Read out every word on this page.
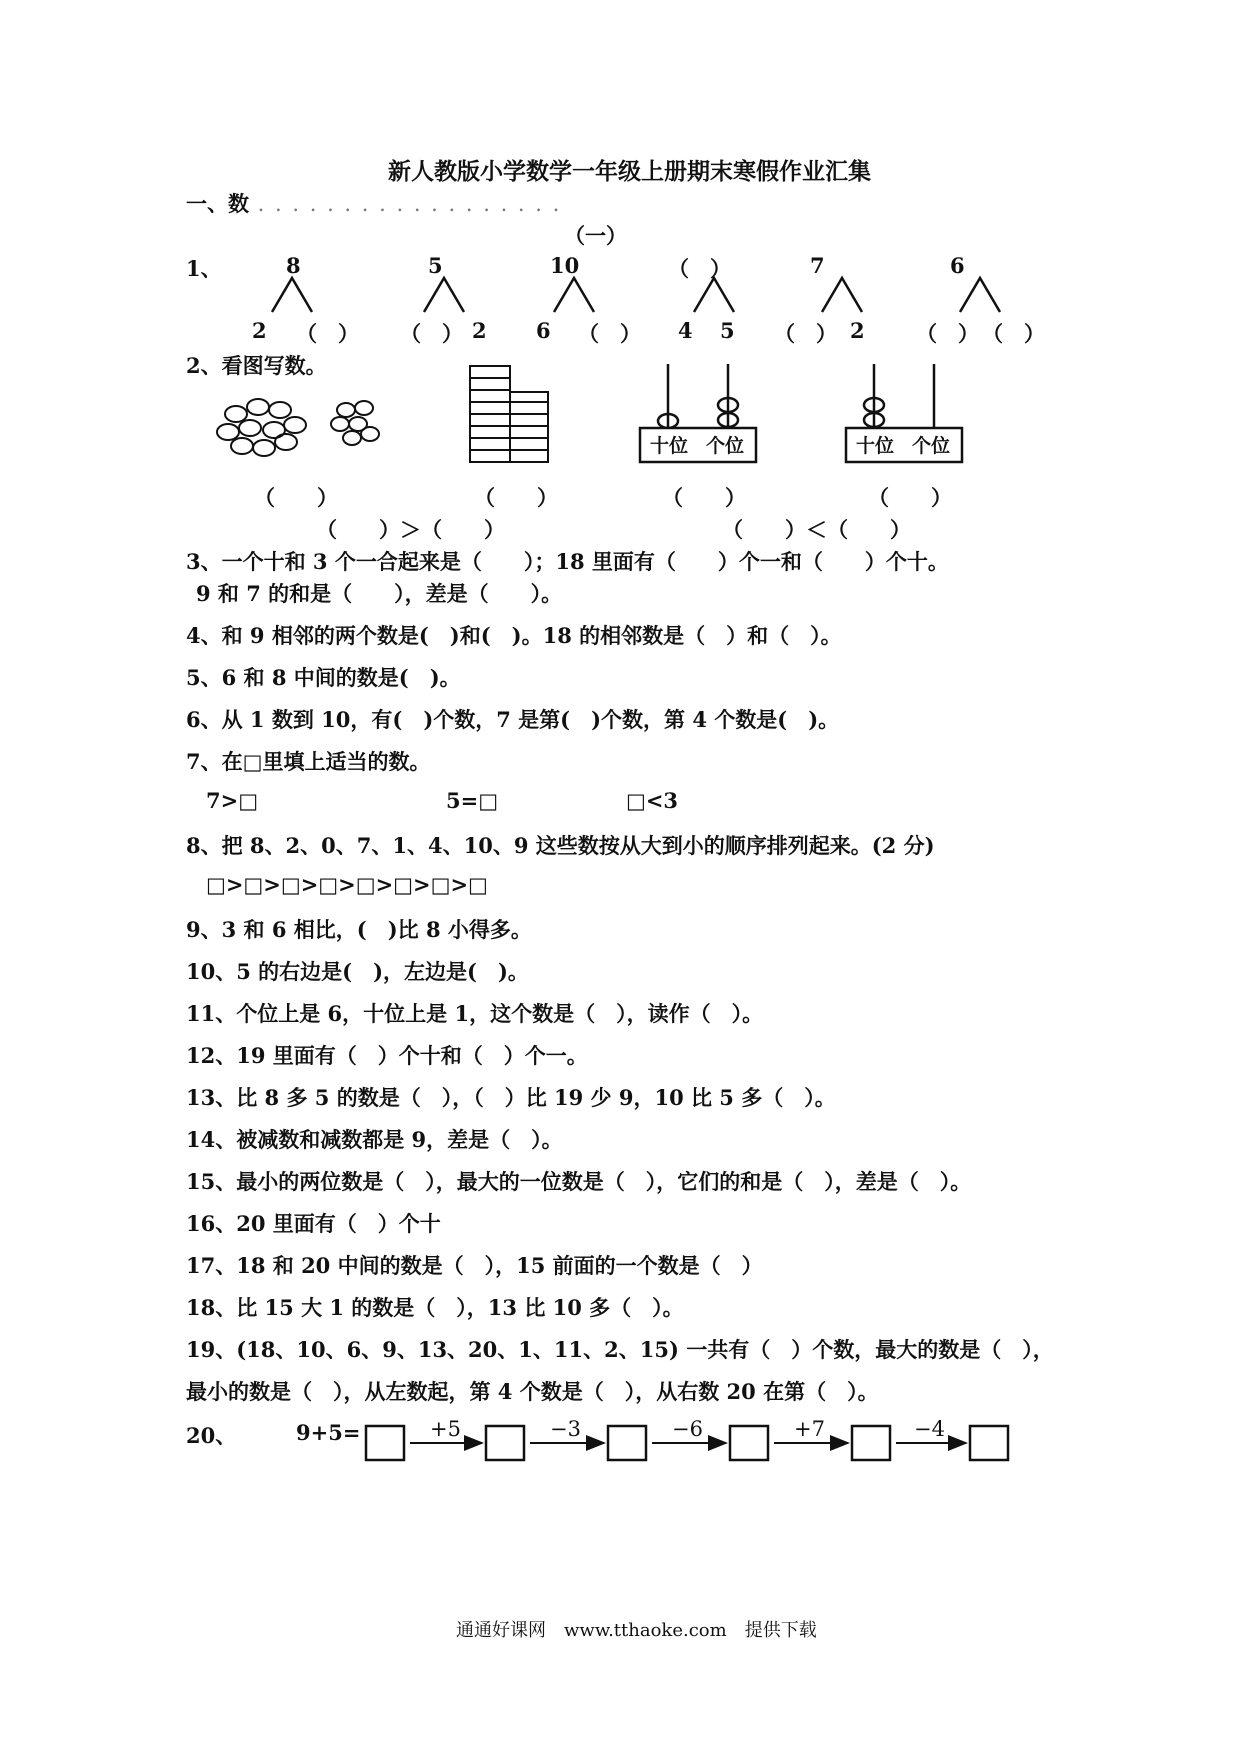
新人教版小学数学一年级上册期末寒假作业汇集
一、数 . . . . . . . . . . . . . . . . . .
（一）
1、	8	5	10	（　）	7	6
2 （　） （　） 2 6 （　） 4 5 （　） 2 （　） （　）
2、看图写数。
十位 个位	十位 个位
（　　）	（　　）	（　　）	（　　）
（　　）＞（　　）	（　　）＜（　　）
3、一个十和 3 个一合起来是（　　）；18 里面有（　　）个一和（　　）个十。
9 和 7 的和是（　　），差是（　　）。
4、和 9 相邻的两个数是(　)和(　)。18 的相邻数是（　）和（　）。
5、6 和 8 中间的数是(　)。
6、从 1 数到 10，有(　)个数，7 是第(　)个数，第 4 个数是(　)。
7、在□里填上适当的数。
7>□	5=□	□<3
8、把 8、2、0、7、1、4、10、9 这些数按从大到小的顺序排列起来。(2 分)
□>□>□>□>□>□>□>□
9、3 和 6 相比，(　)比 8 小得多。
10、5 的右边是(　)，左边是(　)。
11、个位上是 6，十位上是 1，这个数是（　），读作（　）。
12、19 里面有（　）个十和（　）个一。
13、比 8 多 5 的数是（　），（　）比 19 少 9，10 比 5 多（　）。
14、被减数和减数都是 9，差是（　）。
15、最小的两位数是（　），最大的一位数是（　），它们的和是（　），差是（　）。
16、20 里面有（　）个十
17、18 和 20 中间的数是（　），15 前面的一个数是（　）
18、比 15 大 1 的数是（　），13 比 10 多（　）。
19、(18、10、6、9、13、20、1、11、2、15) 一共有（　）个数，最大的数是（　），
最小的数是（　），从左数起，第 4 个数是（　），从右数 20 在第（　）。
20、	9+5=	+5	−3	−6	+7	−4
通通好课网　www.tthaoke.com　提供下载
